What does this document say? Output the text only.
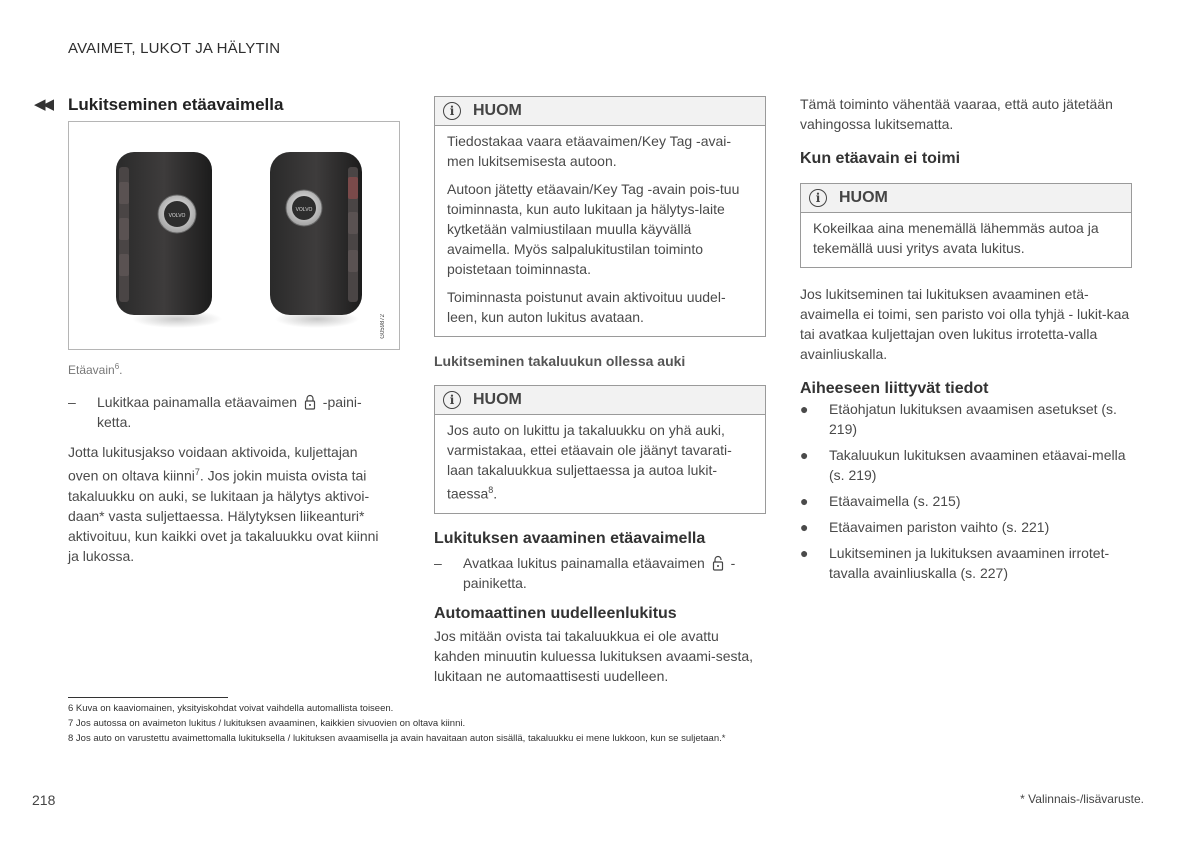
AVAIMET, LUKOT JA HÄLYTIN
◀◀ Lukitseminen etäavaimella
VOLVO
VOLVO
G059872
Etäavain$^6$.
–	Lukitkaa painamalla etäavaimen -paini-ketta.

Jotta lukitusjakso voidaan aktivoida, kuljettajan oven on oltava kiinni$^7$. Jos jokin muista ovista tai takaluukku on auki, se lukitaan ja hälytys aktivoi-daan* vasta suljettaessa. Hälytyksen liikeanturi* aktivoituu, kun kaikki ovet ja takaluukku ovat kiinni ja lukossa.

i	HUOM

Tiedostakaa vaara etäavaimen/Key Tag -avai-men lukitsemisesta autoon.

Autoon jätetty etäavain/Key Tag -avain pois-tuu toiminnasta, kun auto lukitaan ja hälytys-laite kytketään valmiustilaan muulla käyvällä avaimella. Myös salpalukitustilan toiminto poistetaan toiminnasta.

Toiminnasta poistunut avain aktivoituu uudel-leen, kun auton lukitus avataan.

Lukitseminen takaluukun ollessa auki
i	HUOM

Jos auto on lukittu ja takaluukku on yhä auki, varmistakaa, ettei etäavain ole jäänyt tavarati-laan takaluukkua suljettaessa ja autoa lukit-taessa$^8$.

Lukituksen avaaminen etäavaimella
–	Avatkaa lukitus painamalla etäavaimen -painiketta.
Automaattinen uudelleenlukitus

Jos mitään ovista tai takaluukkua ei ole avattu kahden minuutin kuluessa lukituksen avaami-sesta, lukitaan ne automaattisesti uudelleen.

Tämä toiminto vähentää vaaraa, että auto jätetään vahingossa lukitsematta.

Kun etäavain ei toimi
i	HUOM

Kokeilkaa aina menemällä lähemmäs autoa ja tekemällä uusi yritys avata lukitus.

Jos lukitseminen tai lukituksen avaaminen etä-avaimella ei toimi, sen paristo voi olla tyhjä - lukit-kaa tai avatkaa kuljettajan oven lukitus irrotetta-valla avainliuskalla.

Aiheeseen liittyvät tiedot
●	Etäohjatun lukituksen avaamisen asetukset (s. 219)
●	Takaluukun lukituksen avaaminen etäavai-mella (s. 219)
●	Etäavaimella (s. 215)
●	Etäavaimen pariston vaihto (s. 221)
●	Lukitseminen ja lukituksen avaaminen irrotet-tavalla avainliuskalla (s. 227)
6 Kuva on kaaviomainen, yksityiskohdat voivat vaihdella automallista toiseen.
7 Jos autossa on avaimeton lukitus / lukituksen avaaminen, kaikkien sivuovien on oltava kiinni.
8 Jos auto on varustettu avaimettomalla lukituksella / lukituksen avaamisella ja avain havaitaan auton sisällä, takaluukku ei mene lukkoon, kun se suljetaan.*
218	* Valinnais-/lisävaruste.
